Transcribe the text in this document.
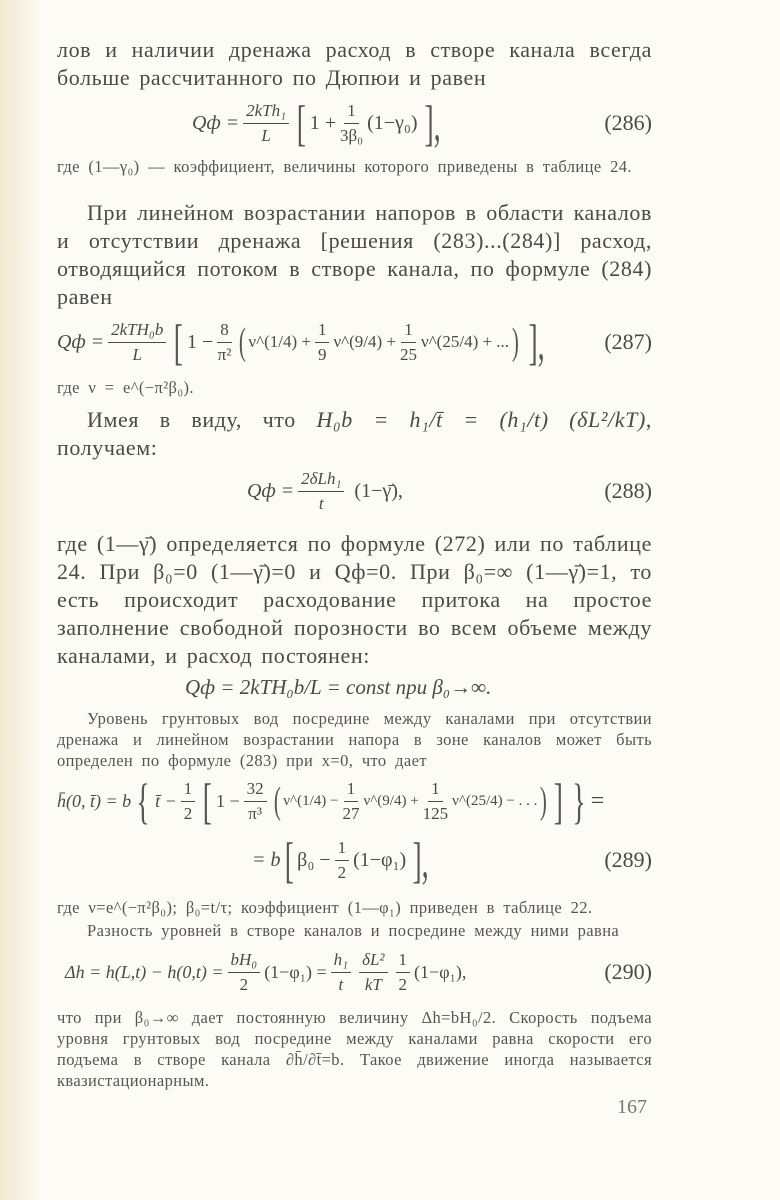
лов и наличии дренажа расход в створе канала всегда больше рассчитанного по Дюпюи и равен

Qф = $\frac{\text{2kTh₁}}{L}$ [ $1 + \frac{1}{\text{3β₀}} (1-\gamma_0)$ ],	(286)

где (1—γ₀) — коэффициент, величины которого приведены в таблице 24.

При линейном возрастании напоров в области каналов и отсутствии дренажа [решения (283)...(284)] расход, отводящийся потоком в створе канала, по формуле (284) равен

Qф = $\frac{\text{2kTH₀b}}{L}$ [ $1 - \frac{8}{\text{π²}}$ ( ν^(1/4) + $\frac{1}{9}$ ν^(9/4) + $\frac{1}{25}$ ν^(25/4) + ... ) ],	(287)

где ν = e^(−π²β₀).

Имея в виду, что H₀b = h₁/t̄ = (h₁/t) (δL²/kT), получаем:

Qф = $\frac{\text{2δLh₁}}{t}$ (1−γ̄),	(288)

где (1—γ̄) определяется по формуле (272) или по таблице 24. При β₀=0 (1—γ̄)=0 и Qф=0. При β₀=∞ (1—γ̄)=1, то есть происходит расходование притока на простое заполнение свободной порозности во всем объеме между каналами, и расход постоянен:

Qф = 2kTH₀b/L = const при β₀→∞.

Уровень грунтовых вод посредине между каналами при отсутствии дренажа и линейном возрастании напора в зоне каналов может быть определен по формуле (283) при x=0, что дает

h̄(0, t̄) = b { t̄ − $\frac{1}{2}$ [ $1 - \frac{32}{\text{π³}}$ ( ν^(1/4) − $\frac{1}{27}$ ν^(9/4) + $\frac{1}{125}$ ν^(25/4) − . . . ) ] } =
= b [ $\beta_0 - \frac{1}{2} (1-\varphi_1)$ ],	(289)

где ν=e^(−π²β₀); β₀=t/τ; коэффициент (1—φ₁) приведен в таблице 22.

Разность уровней в створе каналов и посредине между ними равна

$\Delta h = h(L,t) - h(0,t) = \frac{\text{bH₀}}{2} (1-\varphi_1) = \frac{\text{h₁}}{t} \frac{\text{δL²}}{kT} \frac{1}{2} (1-\varphi_1)$,	(290)

что при β₀→∞ дает постоянную величину Δh=bH₀/2. Скорость подъема уровня грунтовых вод посредине между каналами равна скорости его подъема в створе канала ∂h̄/∂t̄=b. Такое движение иногда называется квазистационарным.

167
